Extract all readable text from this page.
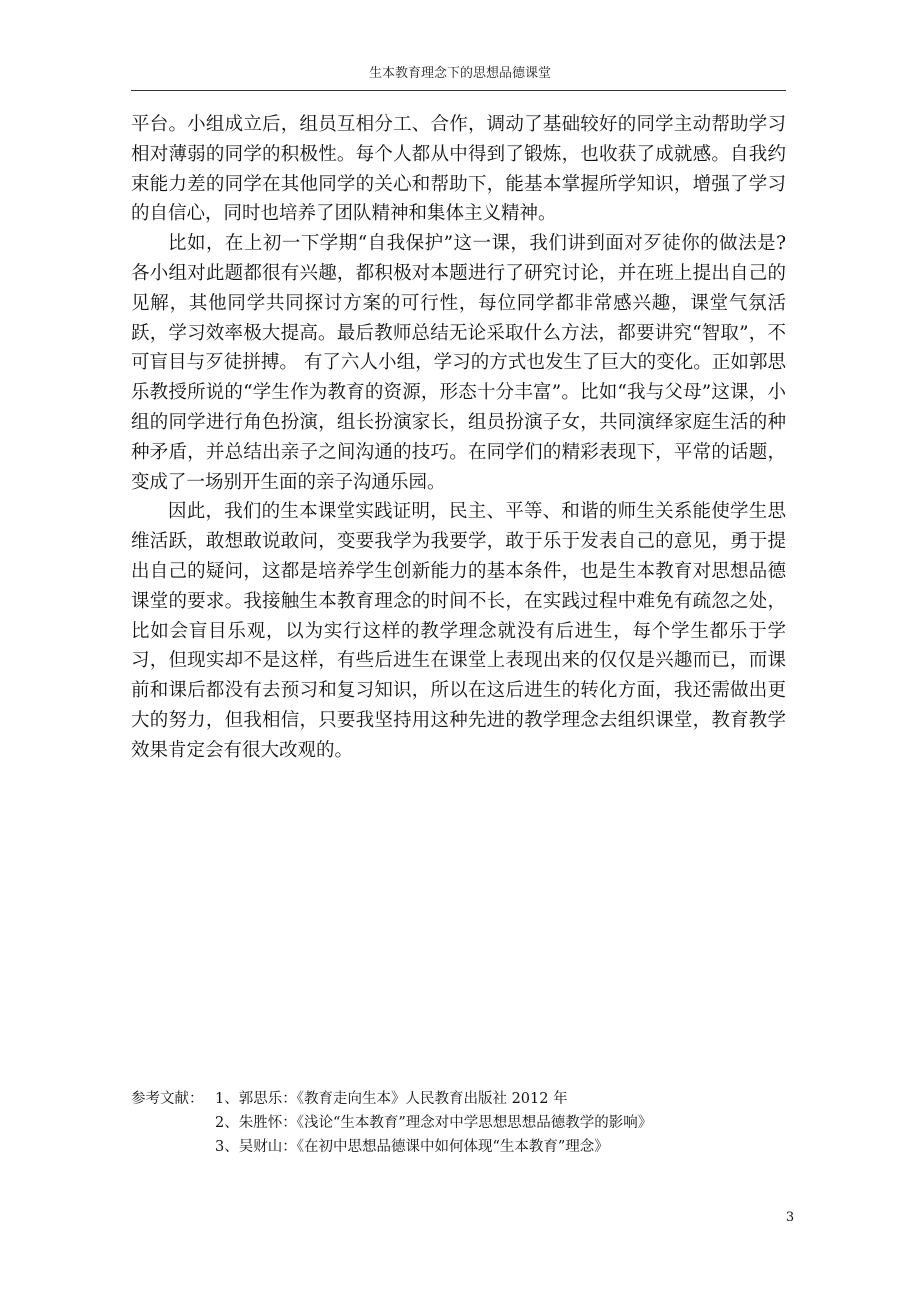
生本教育理念下的思想品德课堂

平台。小组成立后，组员互相分工、合作，调动了基础较好的同学主动帮助学习相对薄弱的同学的积极性。每个人都从中得到了锻炼，也收获了成就感。自我约束能力差的同学在其他同学的关心和帮助下，能基本掌握所学知识，增强了学习的自信心，同时也培养了团队精神和集体主义精神。

比如，在上初一下学期“自我保护”这一课，我们讲到面对歹徒你的做法是?各小组对此题都很有兴趣，都积极对本题进行了研究讨论，并在班上提出自己的见解，其他同学共同探讨方案的可行性，每位同学都非常感兴趣，课堂气氛活跃，学习效率极大提高。最后教师总结无论采取什么方法，都要讲究“智取”，不可盲目与歹徒拼搏。 有了六人小组，学习的方式也发生了巨大的变化。正如郭思乐教授所说的“学生作为教育的资源，形态十分丰富”。比如“我与父母”这课，小组的同学进行角色扮演，组长扮演家长，组员扮演子女，共同演绎家庭生活的种种矛盾，并总结出亲子之间沟通的技巧。在同学们的精彩表现下，平常的话题，变成了一场别开生面的亲子沟通乐园。

因此，我们的生本课堂实践证明，民主、平等、和谐的师生关系能使学生思维活跃，敢想敢说敢问，变要我学为我要学，敢于乐于发表自己的意见，勇于提出自己的疑问，这都是培养学生创新能力的基本条件，也是生本教育对思想品德课堂的要求。我接触生本教育理念的时间不长，在实践过程中难免有疏忽之处，比如会盲目乐观，以为实行这样的教学理念就没有后进生，每个学生都乐于学习，但现实却不是这样，有些后进生在课堂上表现出来的仅仅是兴趣而已，而课前和课后都没有去预习和复习知识，所以在这后进生的转化方面，我还需做出更大的努力，但我相信，只要我坚持用这种先进的教学理念去组织课堂，教育教学效果肯定会有很大改观的。

参考文献： 1、郭思乐：《教育走向生本》人民教育出版社 2012 年
2、朱胜怀：《浅论“生本教育”理念对中学思想思想品德教学的影响》
3、吴财山：《在初中思想品德课中如何体现“生本教育”理念》
3
